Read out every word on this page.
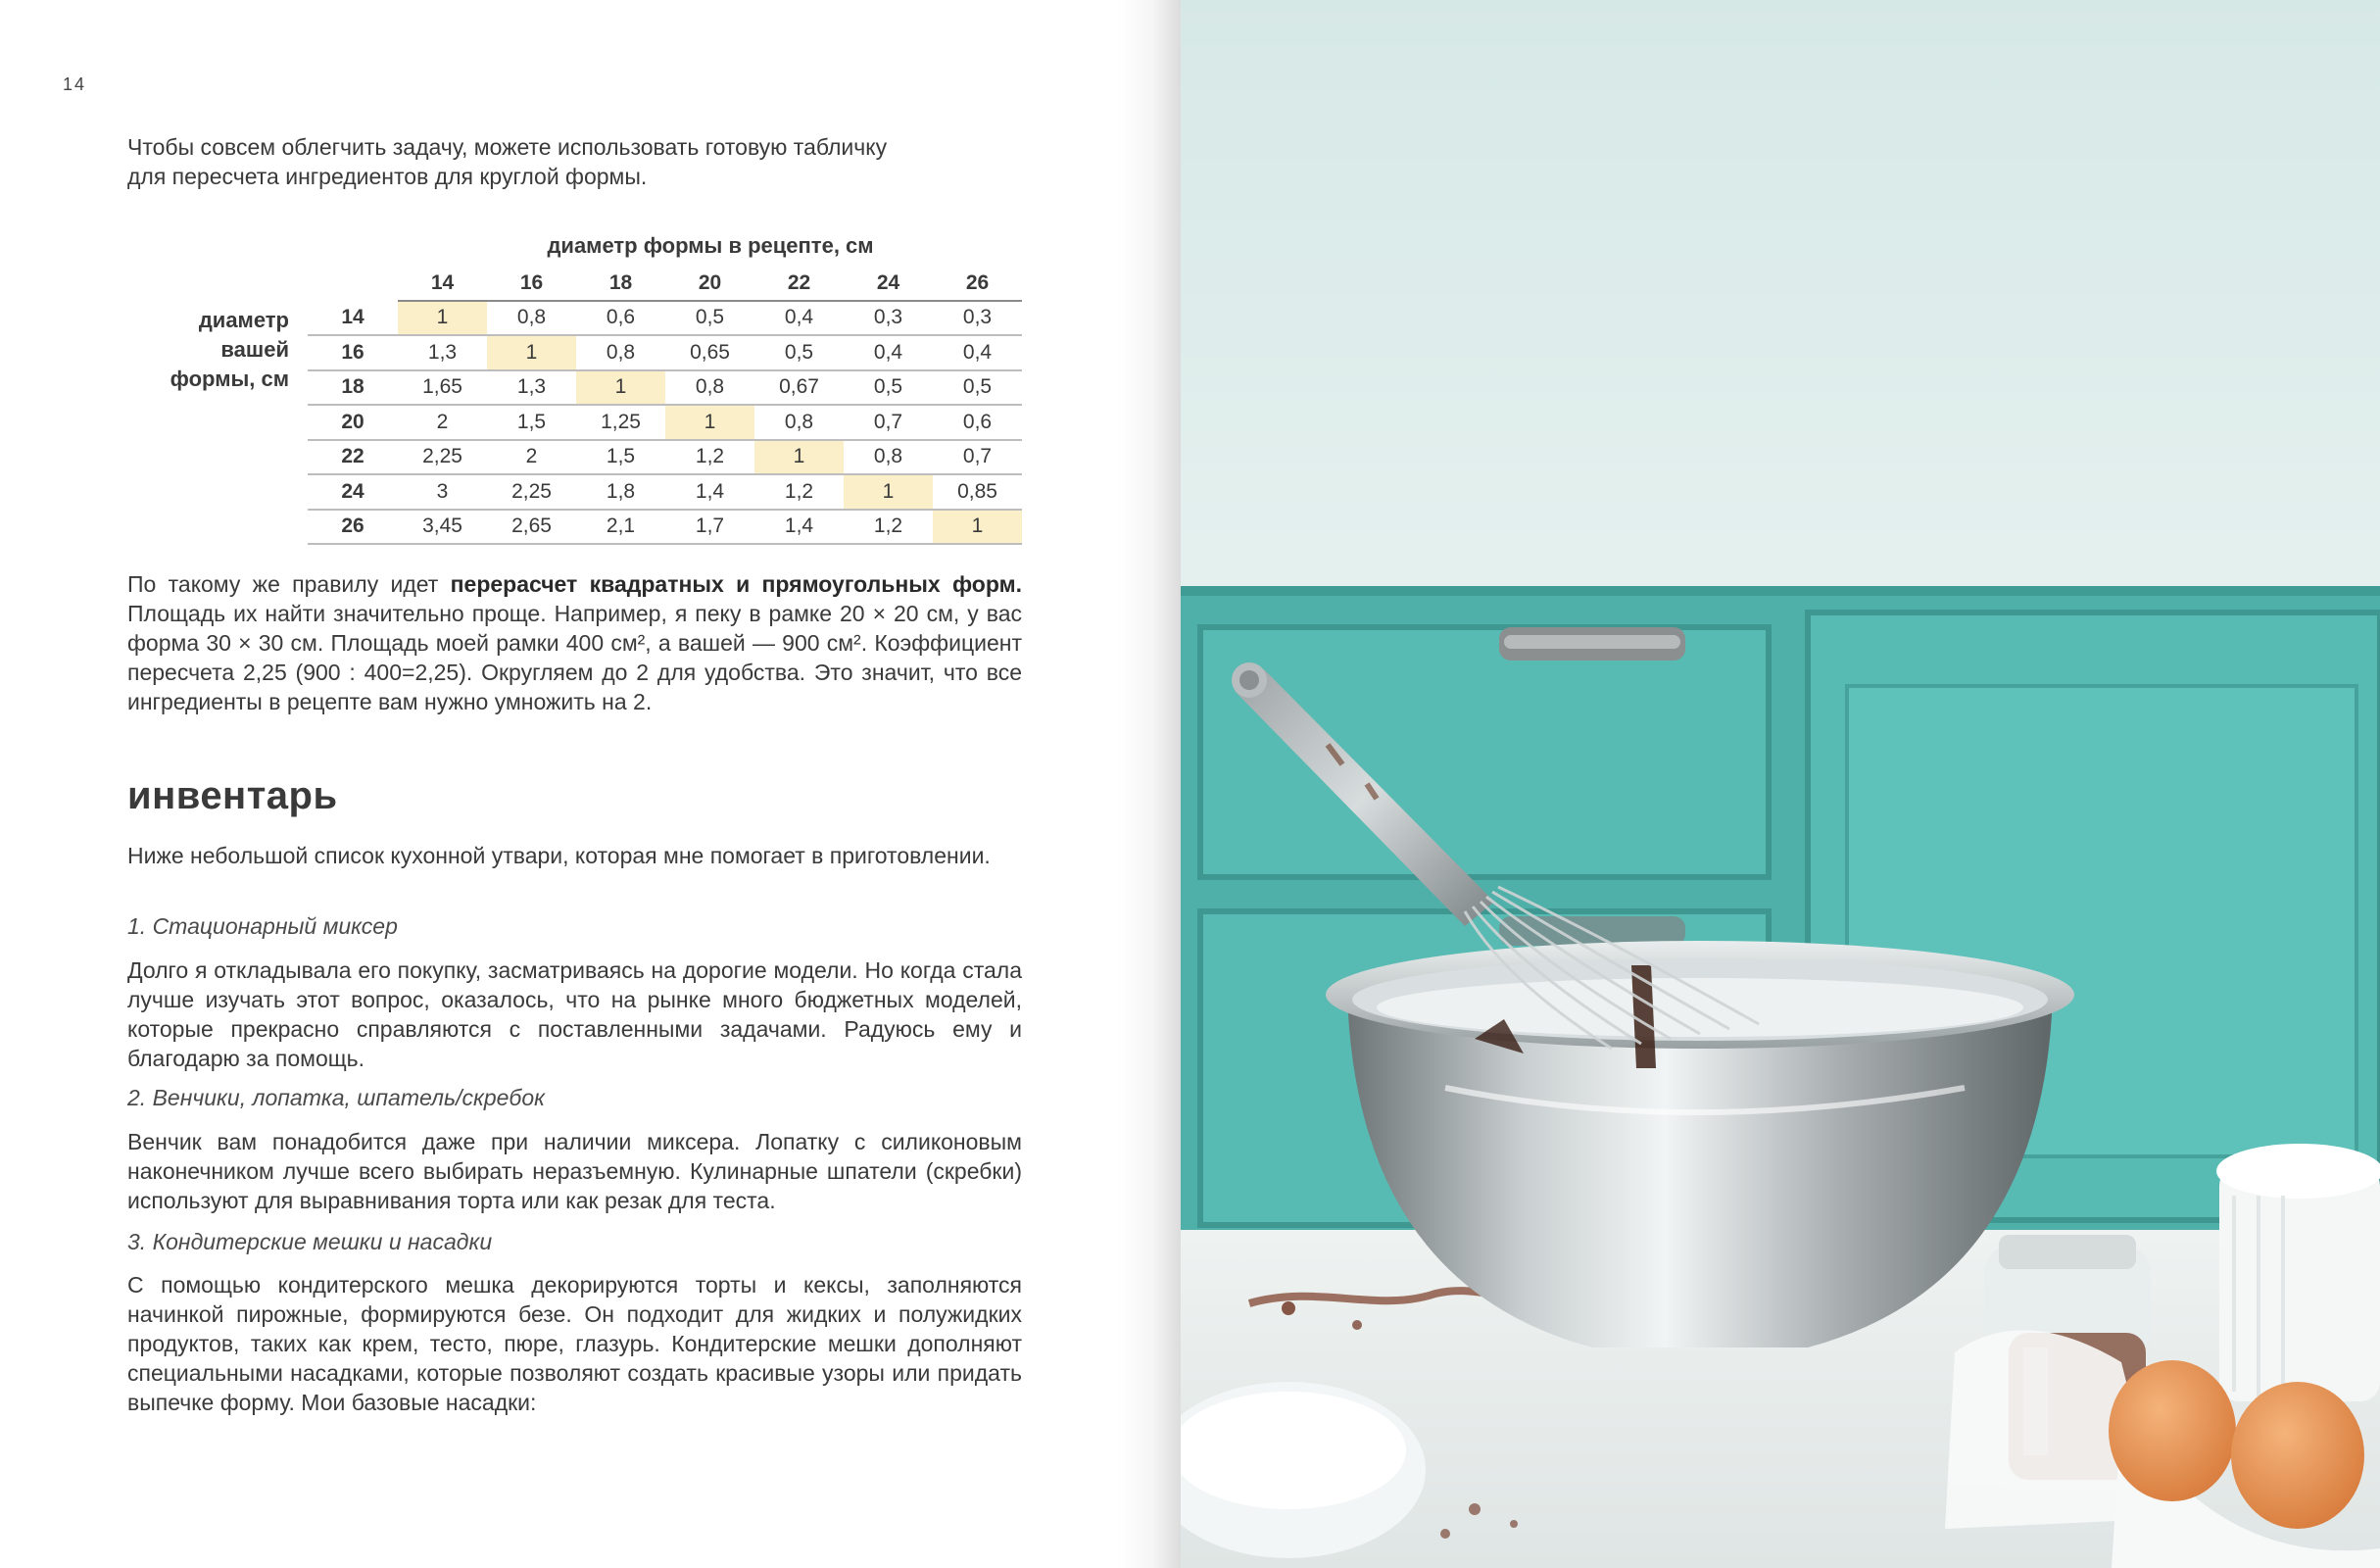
14

Чтобы совсем облегчить задачу, можете использовать готовую табличку

для пересчета ингредиентов для круглой формы.

диаметр формы в рецепте, см
диаметр
вашей
формы, см
	14	16	18	20	22	24	26
14	1	0,8	0,6	0,5	0,4	0,3	0,3
16	1,3	1	0,8	0,65	0,5	0,4	0,4
18	1,65	1,3	1	0,8	0,67	0,5	0,5
20	2	1,5	1,25	1	0,8	0,7	0,6
22	2,25	2	1,5	1,2	1	0,8	0,7
24	3	2,25	1,8	1,4	1,2	1	0,85
26	3,45	2,65	2,1	1,7	1,4	1,2	1

По такому же правилу идет перерасчет квадратных и прямоугольных форм. Площадь их найти значительно проще. Например, я пеку в рамке 20 × 20 см, у вас форма 30 × 30 см. Площадь моей рамки 400 см², а вашей — 900 см². Коэффициент пересчета 2,25 (900 : 400=2,25). Округляем до 2 для удобства. Это значит, что все ингредиенты в рецепте вам нужно умножить на 2.

инвентарь

Ниже небольшой список кухонной утвари, которая мне помогает в приготовлении.

1. Стационарный миксер

Долго я откладывала его покупку, засматриваясь на дорогие модели. Но когда стала лучше изучать этот вопрос, оказалось, что на рынке много бюджетных моделей, которые прекрасно справляются с поставленными задачами. Радуюсь ему и благодарю за помощь.

2. Венчики, лопатка, шпатель/скребок

Венчик вам понадобится даже при наличии миксера. Лопатку с силиконовым наконечником лучше всего выбирать неразъемную. Кулинарные шпатели (скребки) используют для выравнивания торта или как резак для теста.

3. Кондитерские мешки и насадки

С помощью кондитерского мешка декорируются торты и кексы, заполняются начинкой пирожные, формируются безе. Он подходит для жидких и полужидких продуктов, таких как крем, тесто, пюре, глазурь. Кондитерские мешки дополняют специальными насадками, которые позволяют создать красивые узоры или придать выпечке форму. Мои базовые насадки:
